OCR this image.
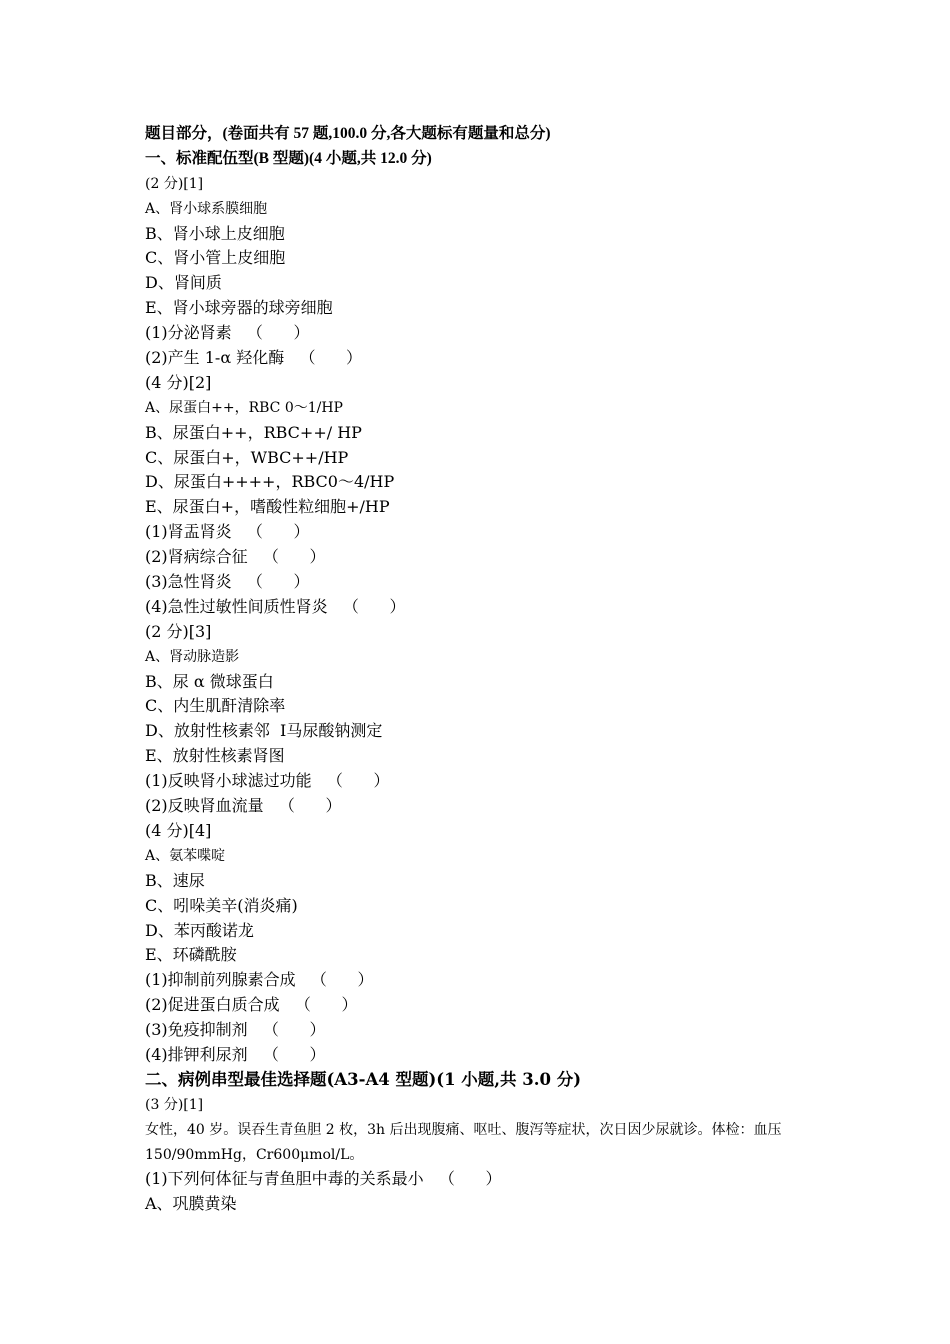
题目部分，(卷面共有 57 题,100.0 分,各大题标有题量和总分)
一、标准配伍型(B 型题)(4 小题,共 12.0 分)
(2 分)[1]
A、肾小球系膜细胞
B、肾小球上皮细胞
C、肾小管上皮细胞
D、肾间质
E、肾小球旁器的球旁细胞
(1)分泌肾素   （      ）
(2)产生 1-α 羟化酶   （      ）
(4 分)[2]
A、尿蛋白++，RBC 0～1/HP
B、尿蛋白++，RBC++/ HP
C、尿蛋白+，WBC++/HP
D、尿蛋白++++，RBC0～4/HP
E、尿蛋白+，嗜酸性粒细胞+/HP
(1)肾盂肾炎   （      ）
(2)肾病综合征   （      ）
(3)急性肾炎   （      ）
(4)急性过敏性间质性肾炎   （      ）
(2 分)[3]
A、肾动脉造影
B、尿 α 微球蛋白
C、内生肌酐清除率
D、放射性核素邻  Ⅰ马尿酸钠测定
E、放射性核素肾图
(1)反映肾小球滤过功能   （      ）
(2)反映肾血流量   （      ）
(4 分)[4]
A、氨苯喋啶
B、速尿
C、吲哚美辛(消炎痛)
D、苯丙酸诺龙
E、环磷酰胺
(1)抑制前列腺素合成   （      ）
(2)促进蛋白质合成   （      ）
(3)免疫抑制剂   （      ）
(4)排钾利尿剂   （      ）
二、病例串型最佳选择题(A3-A4 型题)(1 小题,共 3.0 分)
(3 分)[1]
女性，40 岁。误吞生青鱼胆 2 枚，3h 后出现腹痛、呕吐、腹泻等症状，次日因少尿就诊。体检：血压 150/90mmHg，Cr600μmol/L。
(1)下列何体征与青鱼胆中毒的关系最小   （      ）
A、巩膜黄染
